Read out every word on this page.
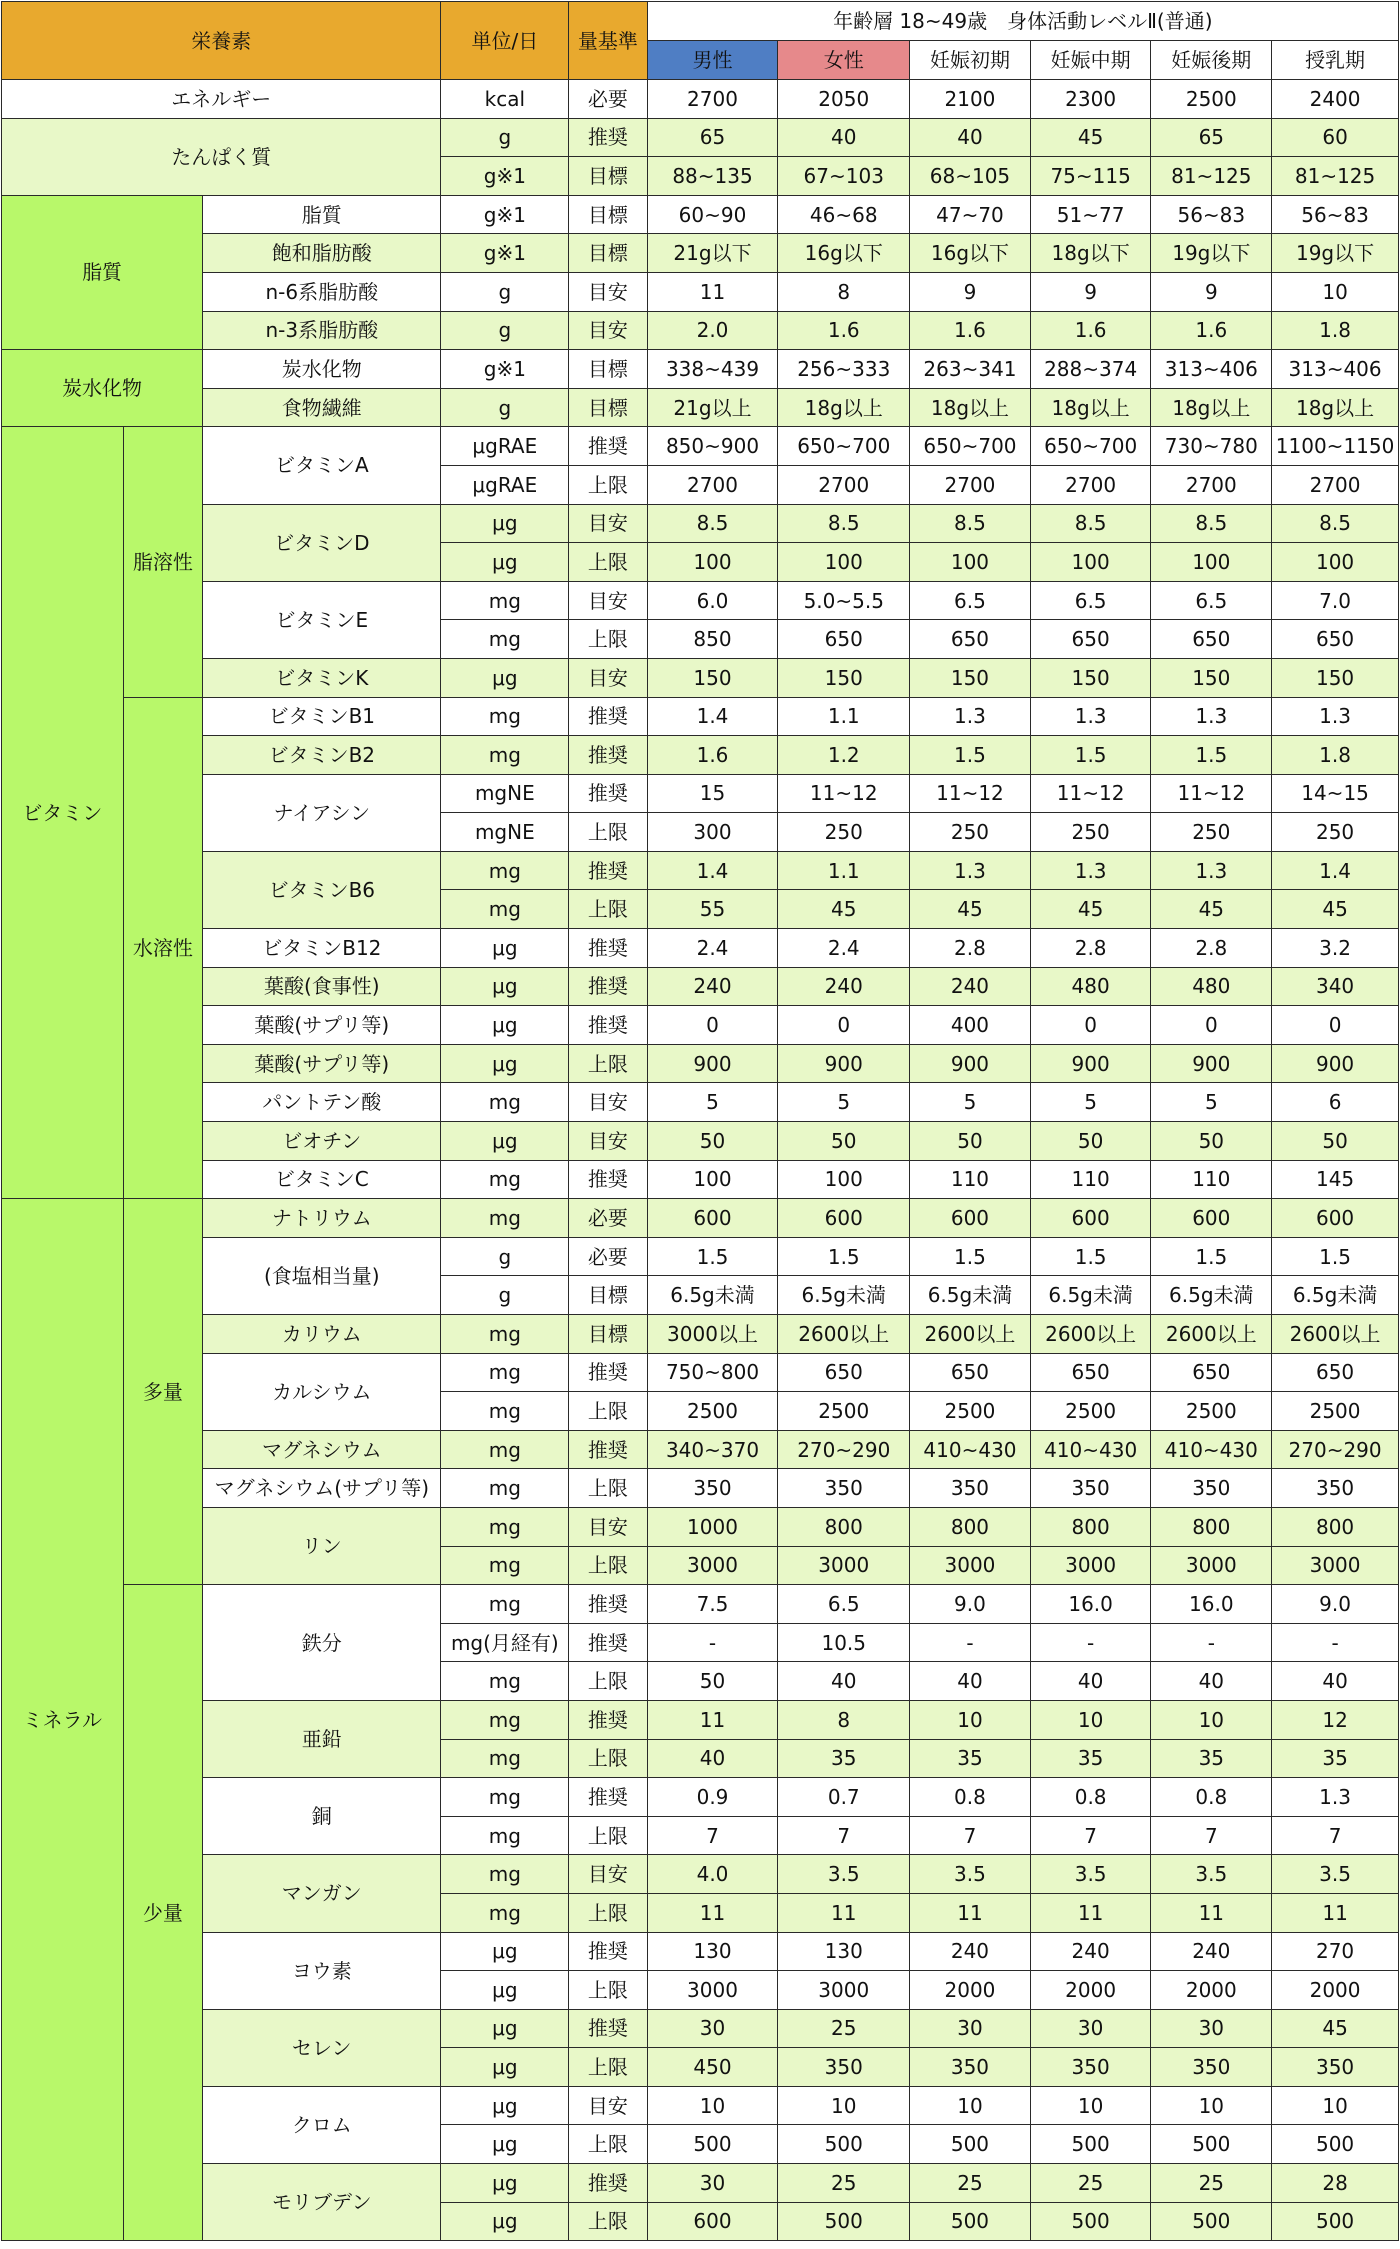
栄養素			単位/日	量基準	年齢層 18~49歳　身体活動レベルⅡ(普通)					
					男性	女性	妊娠初期	妊娠中期	妊娠後期	授乳期
エネルギー			kcal	必要	2700	2050	2100	2300	2500	2400
たんぱく質			g	推奨	65	40	40	45	65	60
			g※1	目標	88~135	67~103	68~105	75~115	81~125	81~125
脂質		脂質	g※1	目標	60~90	46~68	47~70	51~77	56~83	56~83
		飽和脂肪酸	g※1	目標	21g以下	16g以下	16g以下	18g以下	19g以下	19g以下
		n-6系脂肪酸	g	目安	11	8	9	9	9	10
		n-3系脂肪酸	g	目安	2.0	1.6	1.6	1.6	1.6	1.8
炭水化物		炭水化物	g※1	目標	338~439	256~333	263~341	288~374	313~406	313~406
		食物繊維	g	目標	21g以上	18g以上	18g以上	18g以上	18g以上	18g以上
ビタミン	脂溶性	ビタミンA	μgRAE	推奨	850~900	650~700	650~700	650~700	730~780	1100~1150
			μgRAE	上限	2700	2700	2700	2700	2700	2700
		ビタミンD	μg	目安	8.5	8.5	8.5	8.5	8.5	8.5
			μg	上限	100	100	100	100	100	100
		ビタミンE	mg	目安	6.0	5.0~5.5	6.5	6.5	6.5	7.0
			mg	上限	850	650	650	650	650	650
		ビタミンK	μg	目安	150	150	150	150	150	150
	水溶性	ビタミンB1	mg	推奨	1.4	1.1	1.3	1.3	1.3	1.3
		ビタミンB2	mg	推奨	1.6	1.2	1.5	1.5	1.5	1.8
		ナイアシン	mgNE	推奨	15	11~12	11~12	11~12	11~12	14~15
			mgNE	上限	300	250	250	250	250	250
		ビタミンB6	mg	推奨	1.4	1.1	1.3	1.3	1.3	1.4
			mg	上限	55	45	45	45	45	45
		ビタミンB12	μg	推奨	2.4	2.4	2.8	2.8	2.8	3.2
		葉酸(食事性)	μg	推奨	240	240	240	480	480	340
		葉酸(サプリ等)	μg	推奨	0	0	400	0	0	0
		葉酸(サプリ等)	μg	上限	900	900	900	900	900	900
		パントテン酸	mg	目安	5	5	5	5	5	6
		ビオチン	μg	目安	50	50	50	50	50	50
		ビタミンC	mg	推奨	100	100	110	110	110	145
ミネラル	多量	ナトリウム	mg	必要	600	600	600	600	600	600
		(食塩相当量)	g	必要	1.5	1.5	1.5	1.5	1.5	1.5
			g	目標	6.5g未満	6.5g未満	6.5g未満	6.5g未満	6.5g未満	6.5g未満
		カリウム	mg	目標	3000以上	2600以上	2600以上	2600以上	2600以上	2600以上
		カルシウム	mg	推奨	750~800	650	650	650	650	650
			mg	上限	2500	2500	2500	2500	2500	2500
		マグネシウム	mg	推奨	340~370	270~290	410~430	410~430	410~430	270~290
		マグネシウム(サプリ等)	mg	上限	350	350	350	350	350	350
		リン	mg	目安	1000	800	800	800	800	800
			mg	上限	3000	3000	3000	3000	3000	3000
	少量	鉄分	mg	推奨	7.5	6.5	9.0	16.0	16.0	9.0
			mg(月経有)	推奨	-	10.5	-	-	-	-
			mg	上限	50	40	40	40	40	40
		亜鉛	mg	推奨	11	8	10	10	10	12
			mg	上限	40	35	35	35	35	35
		銅	mg	推奨	0.9	0.7	0.8	0.8	0.8	1.3
			mg	上限	7	7	7	7	7	7
		マンガン	mg	目安	4.0	3.5	3.5	3.5	3.5	3.5
			mg	上限	11	11	11	11	11	11
		ヨウ素	μg	推奨	130	130	240	240	240	270
			μg	上限	3000	3000	2000	2000	2000	2000
		セレン	μg	推奨	30	25	30	30	30	45
			μg	上限	450	350	350	350	350	350
		クロム	μg	目安	10	10	10	10	10	10
			μg	上限	500	500	500	500	500	500
		モリブデン	μg	推奨	30	25	25	25	25	28
			μg	上限	600	500	500	500	500	500
